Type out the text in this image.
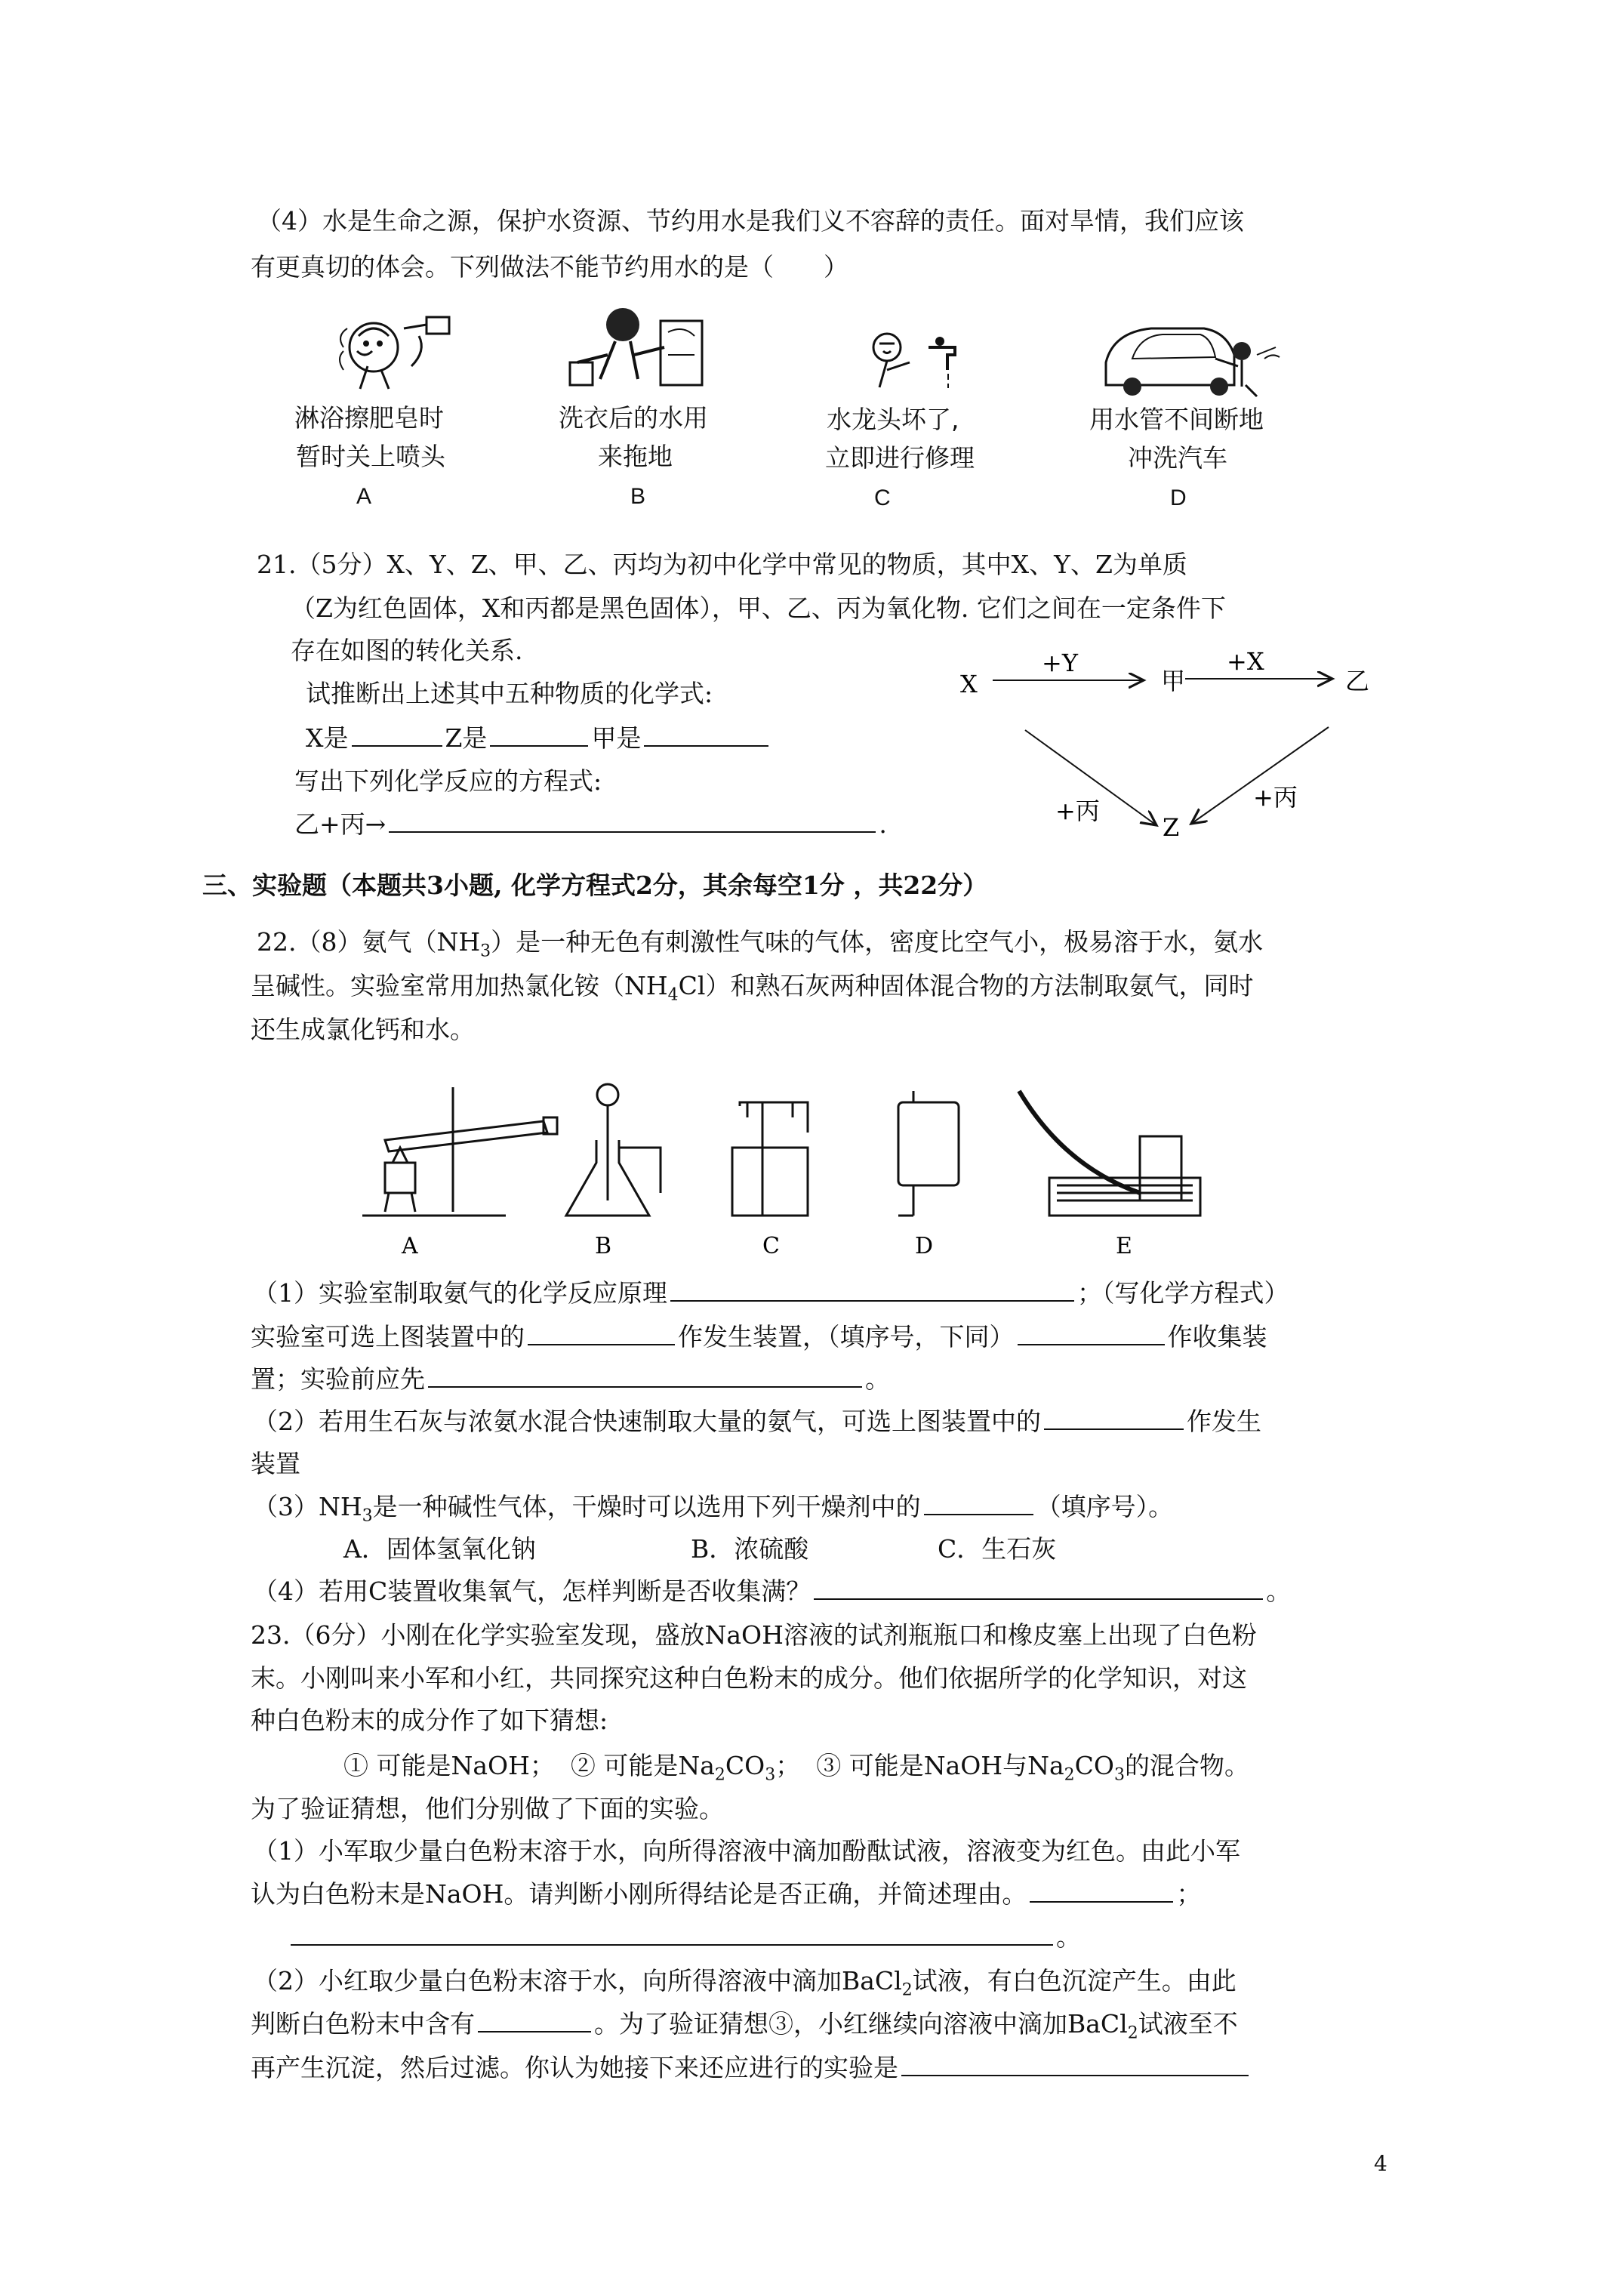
（4）水是生命之源，保护水资源、节约用水是我们义不容辞的责任。面对旱情，我们应该
有更真切的体会。下列做法不能节约用水的是（　　）
淋浴擦肥皂时
暂时关上喷头
A
洗衣后的水用
来拖地
B
水龙头坏了,
立即进行修理
C
用水管不间断地
冲洗汽车
D
21.（5分）X、Y、Z、甲、乙、丙均为初中化学中常见的物质，其中X、Y、Z为单质
（Z为红色固体，X和丙都是黑色固体），甲、乙、丙为氧化物. 它们之间在一定条件下
存在如图的转化关系.
试推断出上述其中五种物质的化学式:
X是	Z是	甲是
写出下列化学反应的方程式:
乙+丙→	.
X	甲	乙
Z
+Y	+X
+丙	+丙
三、实验题（本题共3小题, 化学方程式2分，其余每空1分 ，共22分）
22.（8）氨气$(NH_3)$是一种无色有刺激性气味的气体，密度比空气小，极易溶于水，氨水
呈碱性。实验室常用加热氯化铵$(NH_4Cl)$和熟石灰两种固体混合物的方法制取氨气，同时
还生成氯化钙和水。
A	B	C	D	E
（1）实验室制取氨气的化学反应原理	；（写化学方程式）
实验室可选上图装置中的	作发生装置，（填序号，下同）	作收集装
置；实验前应先	。
（2）若用生石灰与浓氨水混合快速制取大量的氨气，可选上图装置中的	作发生
装置
$(3)NH_3$是一种碱性气体，干燥时可以选用下列干燥剂中的	（填序号）。
A．固体氢氧化钠	B．浓硫酸	C．生石灰
（4）若用C装置收集氧气，怎样判断是否收集满？	。
23.（6分）小刚在化学实验室发现，盛放NaOH溶液的试剂瓶瓶口和橡皮塞上出现了白色粉
末。小刚叫来小军和小红，共同探究这种白色粉末的成分。他们依据所学的化学知识，对这
种白色粉末的成分作了如下猜想:
① 可能是NaOH； ② 可能是$Na_2CO_3$； ③ 可能是NaOH与$Na_2CO_3$的混合物。
为了验证猜想，他们分别做了下面的实验。
（1）小军取少量白色粉末溶于水，向所得溶液中滴加酚酞试液，溶液变为红色。由此小军
认为白色粉末是NaOH。请判断小刚所得结论是否正确，并简述理由。	；
。
（2）小红取少量白色粉末溶于水，向所得溶液中滴加BaCl$_2$试液，有白色沉淀产生。由此
判断白色粉末中含有	。为了验证猜想③，小红继续向溶液中滴加BaCl$_2$试液至不
再产生沉淀，然后过滤。你认为她接下来还应进行的实验是
4
